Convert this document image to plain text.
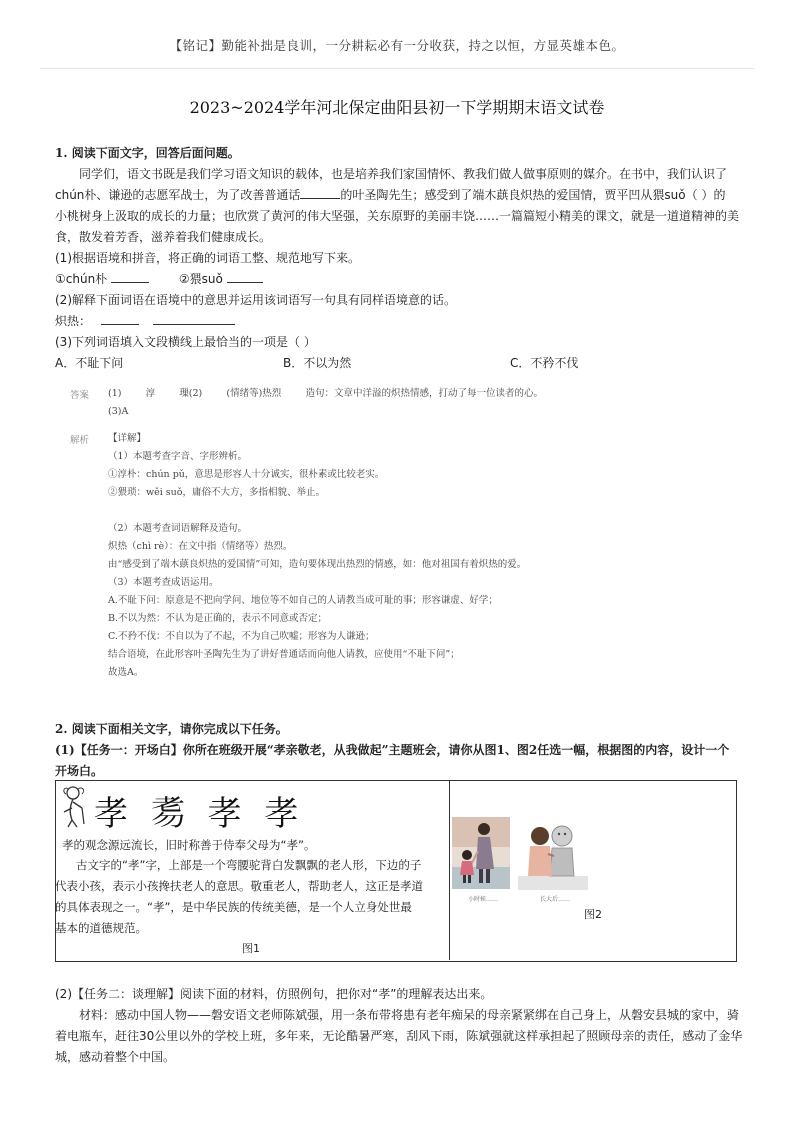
【铭记】勤能补拙是良训，一分耕耘必有一分收获，持之以恒，方显英雄本色。
2023~2024学年河北保定曲阳县初一下学期期末语文试卷
1. 阅读下面文字，回答后面问题。
同学们，语文书既是我们学习语文知识的载体，也是培养我们家国情怀、教我们做人做事原则的媒介。在书中，我们认识了
chún朴、谦逊的志愿军战士，为了改善普通话	的叶圣陶先生；感受到了端木蕻良炽热的爱国情，贾平凹从猥suǒ（ ）的
小桃树身上汲取的成长的力量；也欣赏了黄河的伟大坚强，关东原野的美丽丰饶……一篇篇短小精美的课文，就是一道道精神的美
食，散发着芳香，滋养着我们健康成长。
(1)根据语境和拼音，将正确的词语工整、规范地写下来。
①chún朴	②猥suǒ
(2)解释下面词语在语境中的意思并运用该词语写一句具有同样语境意的话。
炽热：
(3)下列词语填入文段横线上最恰当的一项是（ ）
A．不耻下问	B．不以为然	C．不矜不伐
答案 (1)        淳        璅(2)        (情绪等)热烈        造句：文章中洋溢的炽热情感，打动了每一位读者的心。
(3)A
解析 【详解】
（1）本题考查字音、字形辨析。
①淳朴：chún pǔ，意思是形容人十分诚实，很朴素或比较老实。
②猥琐：wěi suǒ，庸俗不大方，多指相貌、举止。
（2）本题考查词语解释及造句。
炽热（chì rè）：在文中指（情绪等）热烈。
由“感受到了端木蕻良炽热的爱国情”可知，造句要体现出热烈的情感，如：他对祖国有着炽热的爱。
（3）本题考查成语运用。
A.不耻下问：原意是不把向学问、地位等不如自己的人请教当成可耻的事；形容谦虚、好学；
B.不以为然：不认为是正确的，表示不同意或否定；
C.不矜不伐：不自以为了不起，不为自己吹嘘；形容为人谦逊；
结合语境，在此形容叶圣陶先生为了讲好普通话而向他人请教，应使用“不耻下问”；
故选A。
2. 阅读下面相关文字，请你完成以下任务。
(1)【任务一：开场白】你所在班级开展“孝亲敬老，从我做起”主题班会，请你从图1、图2任选一幅，根据图的内容，设计一个
开场白。
孝 𦒸 孝 孝
孝的观念源远流长，旧时称善于侍奉父母为“孝”。
古文字的“孝”字，上部是一个弯腰驼背白发飘飘的老人形，下边的子
代表小孩，表示小孩搀扶老人的意思。敬重老人，帮助老人，这正是孝道
的具体表现之一。“孝”，是中华民族的传统美德，是一个人立身处世最
基本的道德规范。
图1
小时候……	长大后……
图2
(2)【任务二：谈理解】阅读下面的材料，仿照例句，把你对“孝”的理解表达出来。
材料：感动中国人物——磐安语文老师陈斌强，用一条布带将患有老年痴呆的母亲紧紧绑在自己身上，从磐安县城的家中，骑
着电瓶车，赶往30公里以外的学校上班，多年来，无论酷暑严寒，刮风下雨，陈斌强就这样承担起了照顾母亲的责任，感动了金华
城，感动着整个中国。
